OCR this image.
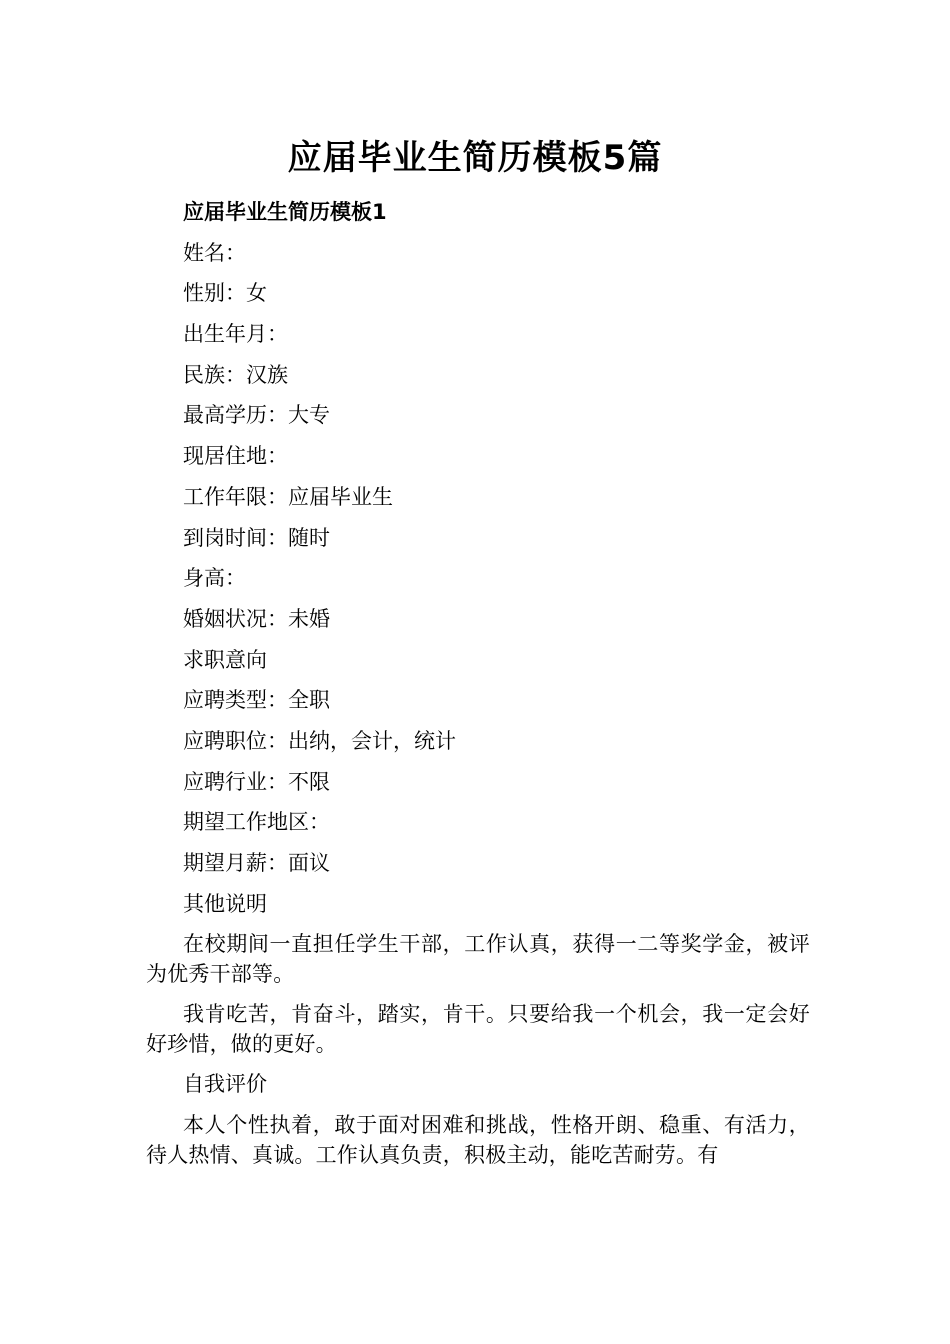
应届毕业生简历模板5篇
应届毕业生简历模板1
姓名：
性别：女
出生年月：
民族：汉族
最高学历：大专
现居住地：
工作年限：应届毕业生
到岗时间：随时
身高：
婚姻状况：未婚
求职意向
应聘类型：全职
应聘职位：出纳，会计，统计
应聘行业：不限
期望工作地区：
期望月薪：面议
其他说明

在校期间一直担任学生干部，工作认真，获得一二等奖学金，被评为优秀干部等。

我肯吃苦，肯奋斗，踏实，肯干。只要给我一个机会，我一定会好好珍惜，做的更好。

自我评价

本人个性执着，敢于面对困难和挑战，性格开朗、稳重、有活力，待人热情、真诚。工作认真负责，积极主动，能吃苦耐劳。有
